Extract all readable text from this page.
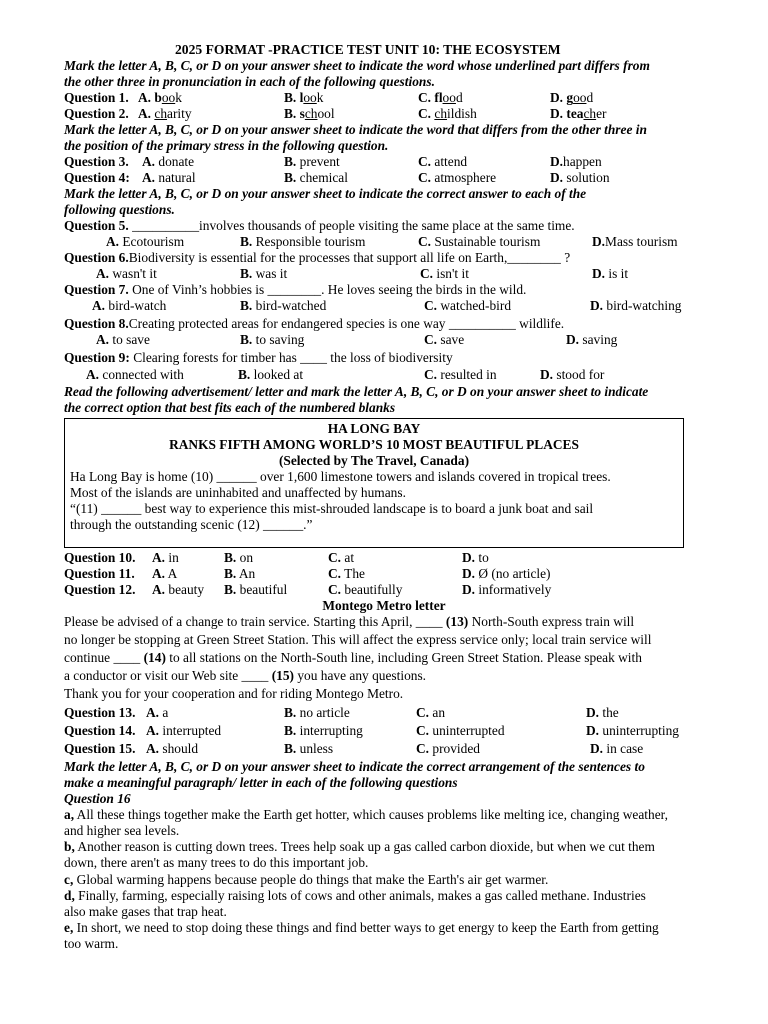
2025 FORMAT -PRACTICE TEST UNIT 10: THE ECOSYSTEM
Mark the letter A, B, C, or D on your answer sheet to indicate the word whose underlined part differs from
the other three in pronunciation in each of the following questions.
Question 1. A. book	B. look	C. flood	D. good
Question 2. A. charity	B. school	C. childish	D. teacher
Mark the letter A, B, C, or D on your answer sheet to indicate the word that differs from the other three in
the position of the primary stress in the following question.
Question 3. A. donate	B. prevent	C. attend	D.happen
Question 4: A. natural	B. chemical	C. atmosphere	D. solution
Mark the letter A, B, C, or D on your answer sheet to indicate the correct answer to each of the
following questions.
Question 5. __________involves thousands of people visiting the same place at the same time.
A. Ecotourism	B. Responsible tourism	C. Sustainable tourism	D.Mass tourism
Question 6.Biodiversity is essential for the processes that support all life on Earth,________ ?
A. wasn't it	B. was it	C. isn't it	D. is it
Question 7. One of Vinh’s hobbies is ________. He loves seeing the birds in the wild.
A. bird-watch	B. bird-watched	C. watched-bird	D. bird-watching
Question 8.Creating protected areas for endangered species is one way __________ wildlife.
A. to save	B. to saving	C. save	D. saving
Question 9: Clearing forests for timber has ____ the loss of biodiversity
A. connected with	B. looked at	C. resulted in	D. stood for
Read the following advertisement/ letter and mark the letter A, B, C, or D on your answer sheet to indicate
the correct option that best fits each of the numbered blanks
HA LONG BAY
RANKS FIFTH AMONG WORLD’S 10 MOST BEAUTIFUL PLACES
(Selected by The Travel, Canada)
Ha Long Bay is home (10) ______ over 1,600 limestone towers and islands covered in tropical trees.
Most of the islands are uninhabited and unaffected by humans.
“(11) ______ best way to experience this mist-shrouded landscape is to board a junk boat and sail
through the outstanding scenic (12) ______.”
Question 10. A. in	B. on	C. at	D. to
Question 11. A. A	B. An	C. The	D. Ø (no article)
Question 12. A. beauty B. beautiful	C. beautifully	D. informatively
Montego Metro letter
Please be advised of a change to train service. Starting this April, ____ (13) North-South express train will
no longer be stopping at Green Street Station. This will affect the express service only; local train service will
continue ____ (14) to all stations on the North-South line, including Green Street Station. Please speak with
a conductor or visit our Web site ____ (15) you have any questions.
Thank you for your cooperation and for riding Montego Metro.
Question 13. A. a	B. no article	C. an	D. the
Question 14. A. interrupted	B. interrupting	C. uninterrupted	D. uninterrupting
Question 15. A. should	B. unless	C. provided	D. in case
Mark the letter A, B, C, or D on your answer sheet to indicate the correct arrangement of the sentences to
make a meaningful paragraph/ letter in each of the following questions
Question 16
a, All these things together make the Earth get hotter, which causes problems like melting ice, changing weather,
and higher sea levels.
b, Another reason is cutting down trees. Trees help soak up a gas called carbon dioxide, but when we cut them
down, there aren't as many trees to do this important job.
c, Global warming happens because people do things that make the Earth's air get warmer.
d, Finally, farming, especially raising lots of cows and other animals, makes a gas called methane. Industries
also make gases that trap heat.
e, In short, we need to stop doing these things and find better ways to get energy to keep the Earth from getting
too warm.
